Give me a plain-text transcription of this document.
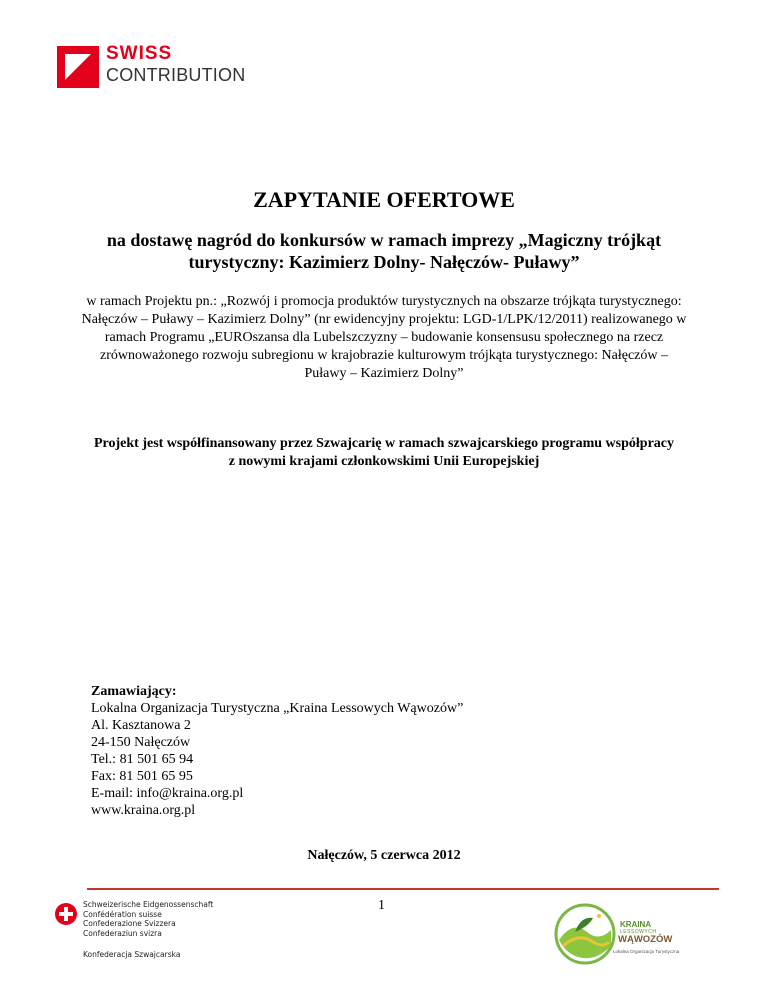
SWISS
CONTRIBUTION
ZAPYTANIE OFERTOWE
na dostawę nagród do konkursów w ramach imprezy „Magiczny trójkąt turystyczny: Kazimierz Dolny- Nałęczów- Puławy”
w ramach Projektu pn.: „Rozwój i promocja produktów turystycznych na obszarze trójkąta turystycznego: Nałęczów – Puławy – Kazimierz Dolny” (nr ewidencyjny projektu: LGD-1/LPK/12/2011) realizowanego w ramach Programu „EUROszansa dla Lubelszczyzny – budowanie konsensusu społecznego na rzecz zrównoważonego rozwoju subregionu w krajobrazie kulturowym trójkąta turystycznego: Nałęczów – Puławy – Kazimierz Dolny”
Projekt jest współfinansowany przez Szwajcarię w ramach szwajcarskiego programu współpracy z nowymi krajami członkowskimi Unii Europejskiej
Zamawiający:
Lokalna Organizacja Turystyczna „Kraina Lessowych Wąwozów”
Al. Kasztanowa 2
24-150 Nałęczów
Tel.: 81 501 65 94
Fax: 81 501 65 95
E-mail: info@kraina.org.pl
www.kraina.org.pl
Nałęczów, 5 czerwca 2012
1
Schweizerische Eidgenossenschaft
Confédération suisse
Confederazione Svizzera
Confederaziun svizra
Konfederacja Szwajcarska
KRAINA
LESSOWYCH
WĄWOZÓW
Lokalna Organizacja Turystyczna
